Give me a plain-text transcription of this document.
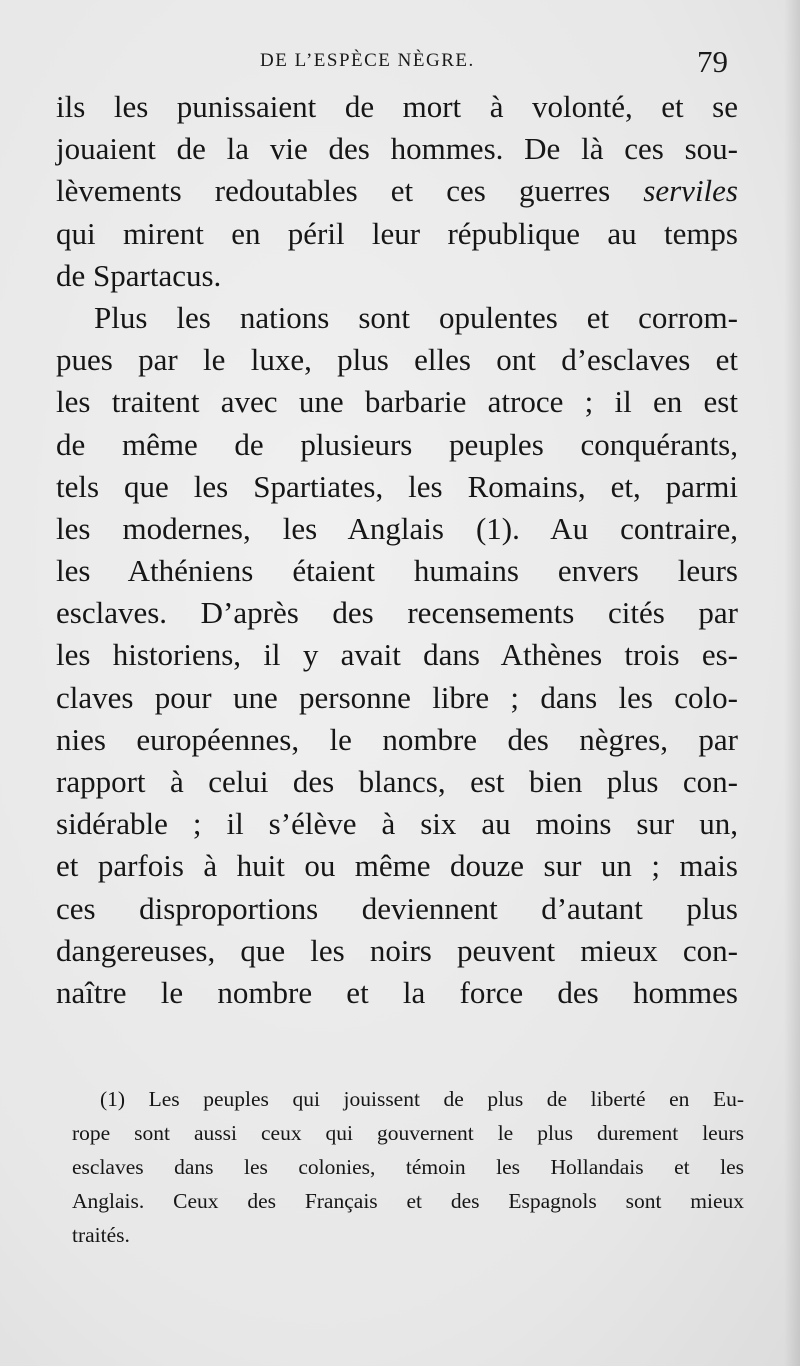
DE L’ESPÈCE NÈGRE.	79
ils les punissaient de mort à volonté, et se
jouaient de la vie des hommes. De là ces sou-
lèvements redoutables et ces guerres serviles
qui mirent en péril leur république au temps
de Spartacus.
Plus les nations sont opulentes et corrom-
pues par le luxe, plus elles ont d’esclaves et
les traitent avec une barbarie atroce ; il en est
de même de plusieurs peuples conquérants,
tels que les Spartiates, les Romains, et, parmi
les modernes, les Anglais (1). Au contraire,
les Athéniens étaient humains envers leurs
esclaves. D’après des recensements cités par
les historiens, il y avait dans Athènes trois es-
claves pour une personne libre ; dans les colo-
nies européennes, le nombre des nègres, par
rapport à celui des blancs, est bien plus con-
sidérable ; il s’élève à six au moins sur un,
et parfois à huit ou même douze sur un ; mais
ces disproportions deviennent d’autant plus
dangereuses, que les noirs peuvent mieux con-
naître le nombre et la force des hommes
(1) Les peuples qui jouissent de plus de liberté en Eu-
rope sont aussi ceux qui gouvernent le plus durement leurs
esclaves dans les colonies, témoin les Hollandais et les
Anglais. Ceux des Français et des Espagnols sont mieux
traités.
